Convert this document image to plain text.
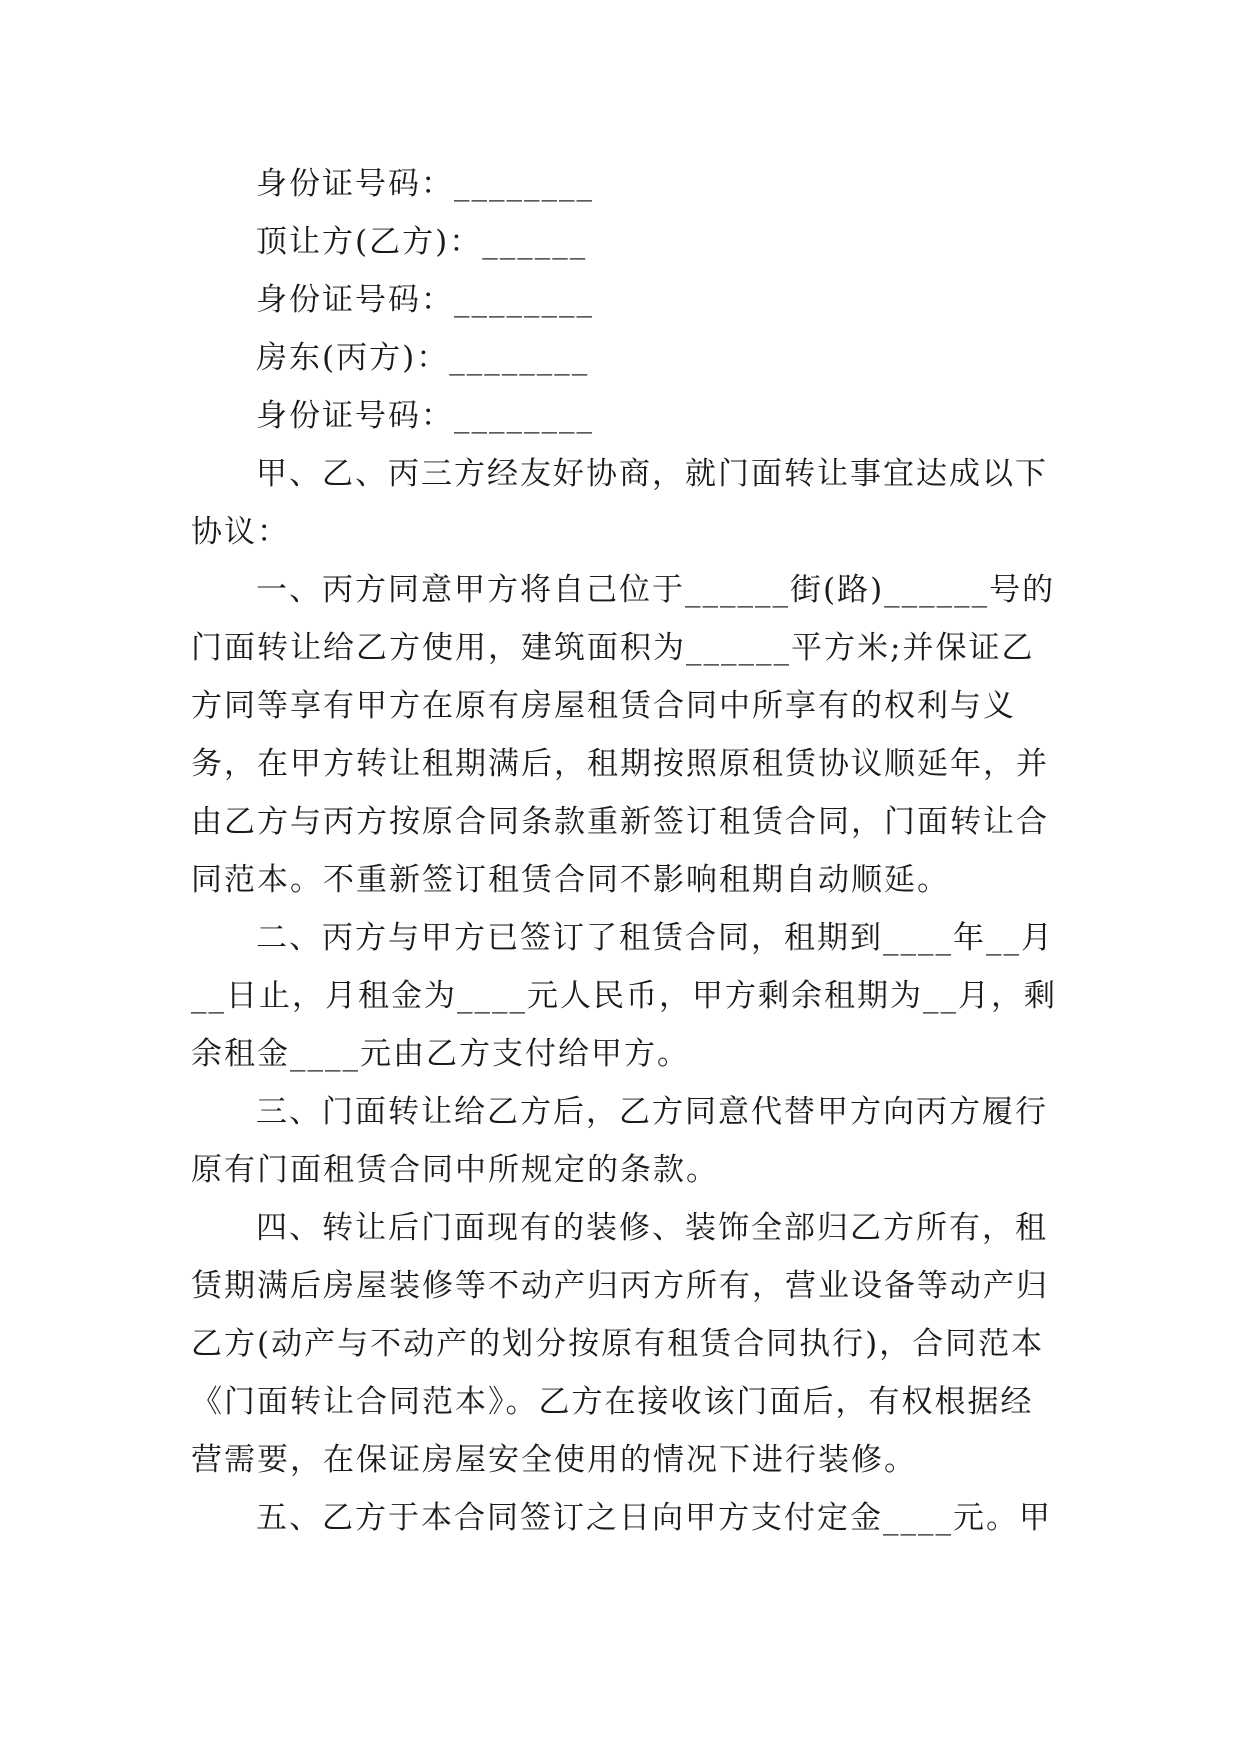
身份证号码：________
顶让方(乙方)：______
身份证号码：________
房东(丙方)：________
身份证号码：________
甲、乙、丙三方经友好协商，就门面转让事宜达成以下
协议：
一、丙方同意甲方将自己位于______街(路)______号的
门面转让给乙方使用，建筑面积为______平方米;并保证乙
方同等享有甲方在原有房屋租赁合同中所享有的权利与义
务，在甲方转让租期满后，租期按照原租赁协议顺延年，并
由乙方与丙方按原合同条款重新签订租赁合同，门面转让合
同范本。不重新签订租赁合同不影响租期自动顺延。
二、丙方与甲方已签订了租赁合同，租期到____年__月
__日止，月租金为____元人民币，甲方剩余租期为__月，剩
余租金____元由乙方支付给甲方。
三、门面转让给乙方后，乙方同意代替甲方向丙方履行
原有门面租赁合同中所规定的条款。
四、转让后门面现有的装修、装饰全部归乙方所有，租
赁期满后房屋装修等不动产归丙方所有，营业设备等动产归
乙方(动产与不动产的划分按原有租赁合同执行)，合同范本
《门面转让合同范本》。乙方在接收该门面后，有权根据经
营需要，在保证房屋安全使用的情况下进行装修。
五、乙方于本合同签订之日向甲方支付定金____元。甲
